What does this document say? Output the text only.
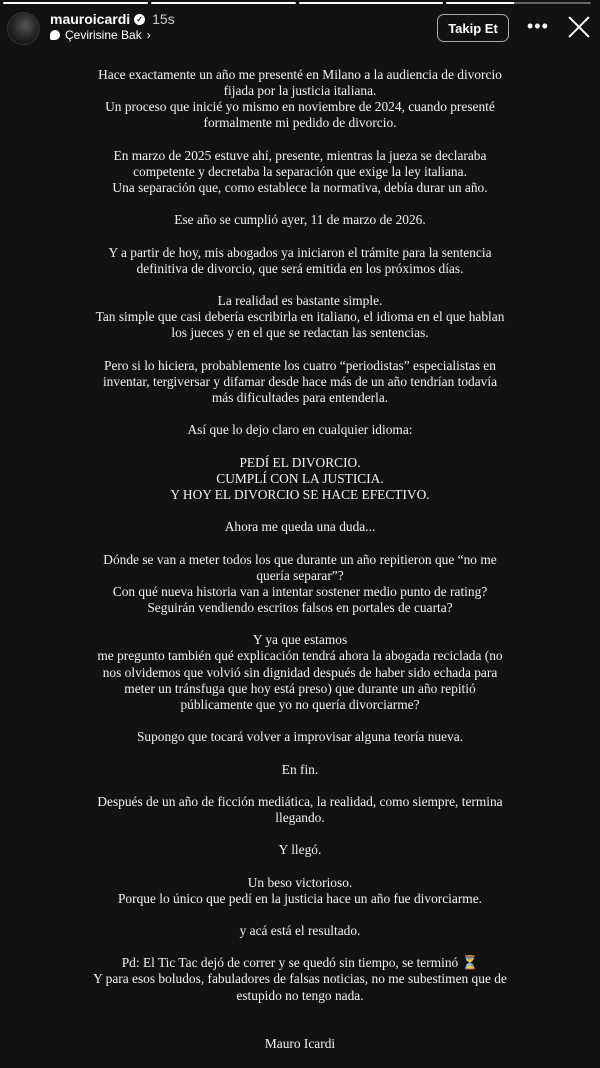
mauroicardi ✓ 15s
Çevirisine Bak ›	Takip Et	•••
Hace exactamente un año me presenté en Milano a la audiencia de divorcio
fijada por la justicia italiana.
Un proceso que inicié yo mismo en noviembre de 2024, cuando presenté
formalmente mi pedido de divorcio.
En marzo de 2025 estuve ahí, presente, mientras la jueza se declaraba
competente y decretaba la separación que exige la ley italiana.
Una separación que, como establece la normativa, debía durar un año.
Ese año se cumplió ayer, 11 de marzo de 2026.
Y a partir de hoy, mis abogados ya iniciaron el trámite para la sentencia
definitiva de divorcio, que será emitida en los próximos días.
La realidad es bastante simple.
Tan simple que casi debería escribirla en italiano, el idioma en el que hablan
los jueces y en el que se redactan las sentencias.
Pero si lo hiciera, probablemente los cuatro “periodistas” especialistas en
inventar, tergiversar y difamar desde hace más de un año tendrían todavía
más dificultades para entenderla.
Así que lo dejo claro en cualquier idioma:
PEDÍ EL DIVORCIO.
CUMPLÍ CON LA JUSTICIA.
Y HOY EL DIVORCIO SE HACE EFECTIVO.
Ahora me queda una duda...
Dónde se van a meter todos los que durante un año repitieron que “no me
quería separar”?
Con qué nueva historia van a intentar sostener medio punto de rating?
Seguirán vendiendo escritos falsos en portales de cuarta?
Y ya que estamos
me pregunto también qué explicación tendrá ahora la abogada reciclada (no
nos olvidemos que volvió sin dignidad después de haber sido echada para
meter un tránsfuga que hoy está preso) que durante un año repitió
públicamente que yo no quería divorciarme?
Supongo que tocará volver a improvisar alguna teoría nueva.
En fin.
Después de un año de ficción mediática, la realidad, como siempre, termina
llegando.
Y llegó.
Un beso victorioso.
Porque lo único que pedí en la justicia hace un año fue divorciarme.
y acá está el resultado.
Pd: El Tic Tac dejó de correr y se quedó sin tiempo, se terminó ⏳
Y para esos boludos, fabuladores de falsas noticias, no me subestimen que de
estupido no tengo nada.
Mauro Icardi
